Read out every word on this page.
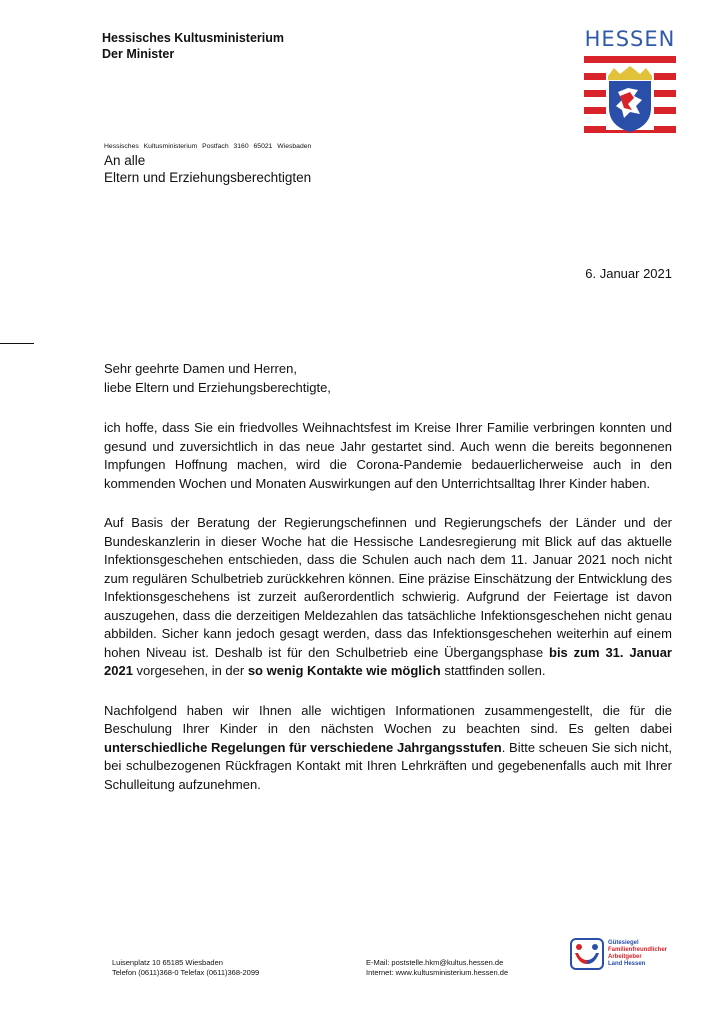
Hessisches Kultusministerium
Der Minister
HESSEN
Hessisches Kultusministerium Postfach 3160 65021 Wiesbaden
An alle
Eltern und Erziehungsberechtigten
6. Januar 2021

Sehr geehrte Damen und Herren,
liebe Eltern und Erziehungsberechtigte,

ich hoffe, dass Sie ein friedvolles Weihnachtsfest im Kreise Ihrer Familie verbringen konnten und gesund und zuversichtlich in das neue Jahr gestartet sind. Auch wenn die bereits begonnenen Impfungen Hoffnung machen, wird die Corona-Pandemie bedauerlicherweise auch in den kommenden Wochen und Monaten Auswirkungen auf den Unterrichtsalltag Ihrer Kinder haben.

Auf Basis der Beratung der Regierungschefinnen und Regierungschefs der Länder und der Bundeskanzlerin in dieser Woche hat die Hessische Landesregierung mit Blick auf das aktuelle Infektionsgeschehen entschieden, dass die Schulen auch nach dem 11. Januar 2021 noch nicht zum regulären Schulbetrieb zurückkehren können. Eine präzise Einschätzung der Entwicklung des Infektionsgeschehens ist zurzeit außerordentlich schwierig. Aufgrund der Feiertage ist davon auszugehen, dass die derzeitigen Meldezahlen das tatsächliche Infektionsgeschehen nicht genau abbilden. Sicher kann jedoch gesagt werden, dass das Infektionsgeschehen weiterhin auf einem hohen Niveau ist. Deshalb ist für den Schulbetrieb eine Übergangsphase bis zum 31. Januar 2021 vorgesehen, in der so wenig Kontakte wie möglich stattfinden sollen.

Nachfolgend haben wir Ihnen alle wichtigen Informationen zusammengestellt, die für die Beschulung Ihrer Kinder in den nächsten Wochen zu beachten sind. Es gelten dabei unterschiedliche Regelungen für verschiedene Jahrgangsstufen. Bitte scheuen Sie sich nicht, bei schulbezogenen Rückfragen Kontakt mit Ihren Lehrkräften und gegebenenfalls auch mit Ihrer Schulleitung aufzunehmen.

Luisenplatz 10 65185 Wiesbaden
Telefon (0611)368-0 Telefax (0611)368-2099
E-Mail: poststelle.hkm@kultus.hessen.de
Internet: www.kultusministerium.hessen.de
Gütesiegel
Familienfreundlicher
Arbeitgeber
Land Hessen
